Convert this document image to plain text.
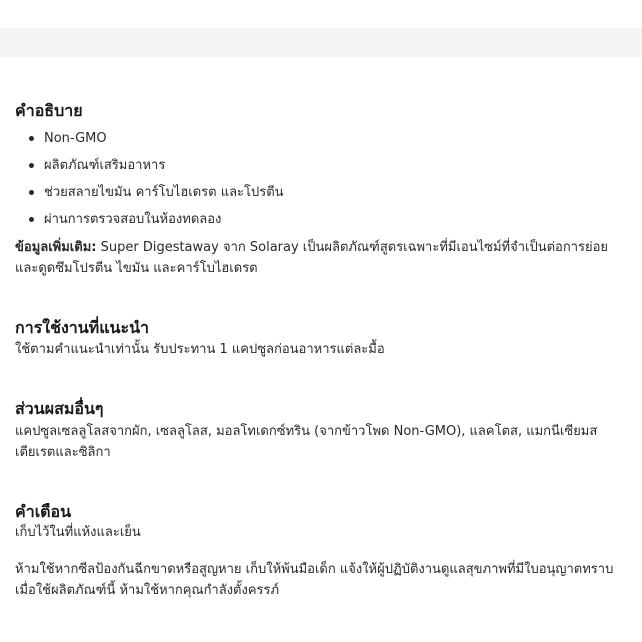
คำอธิบาย
Non-GMO
ผลิตภัณฑ์เสริมอาหาร
ช่วยสลายไขมัน คาร์โบไฮเดรต และโปรตีน
ผ่านการตรวจสอบในห้องทดลอง
ข้อมูลเพิ่มเติม: Super Digestaway จาก Solaray เป็นผลิตภัณฑ์สูตรเฉพาะที่มีเอนไซม์ที่จำเป็นต่อการย่อยและดูดซึมโปรตีน ไขมัน และคาร์โบไฮเดรต
การใช้งานที่แนะนำ
ใช้ตามคำแนะนำเท่านั้น รับประทาน 1 แคปซูลก่อนอาหารแต่ละมื้อ
ส่วนผสมอื่นๆ
แคปซูลเซลลูโลสจากผัก, เซลลูโลส, มอลโทเดกซ์ทริน (จากข้าวโพด Non-GMO), แลคโตส, แมกนีเซียมสเตียเรตและซิลิกา
คำเตือน
เก็บไว้ในที่แห้งและเย็น
ห้ามใช้หากซีลป้องกันฉีกขาดหรือสูญหาย เก็บให้พ้นมือเด็ก แจ้งให้ผู้ปฏิบัติงานดูแลสุขภาพที่มีใบอนุญาตทราบเมื่อใช้ผลิตภัณฑ์นี้ ห้ามใช้หากคุณกำลังตั้งครรภ์
